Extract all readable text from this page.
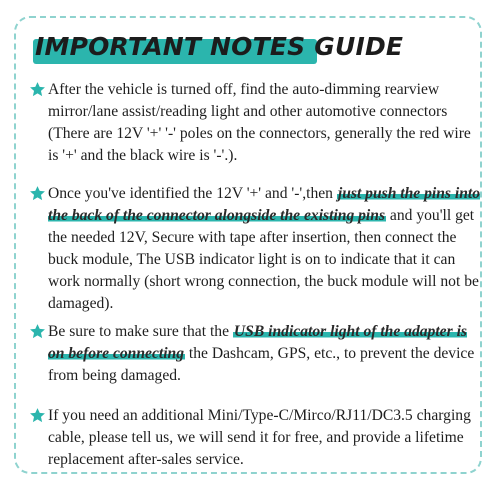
IMPORTANT NOTES GUIDE

After the vehicle is turned off, find the auto-dimming rearview mirror/lane assist/reading light and other automotive connectors (There are 12V '+' '-' poles on the connectors, generally the red wire is '+' and the black wire is '-'.).

Once you've identified the 12V '+' and '-',then just push the pins into the back of the connector alongside the existing pins and you'll get the needed 12V, Secure with tape after insertion, then connect the buck module, The USB indicator light is on to indicate that it can work normally (short wrong connection, the buck module will not be damaged).

Be sure to make sure that the USB indicator light of the adapter is on before connecting the Dashcam, GPS, etc., to prevent the device from being damaged.

If you need an additional Mini/Type-C/Mirco/RJ11/DC3.5 charging cable, please tell us, we will send it for free, and provide a lifetime replacement after-sales service.
